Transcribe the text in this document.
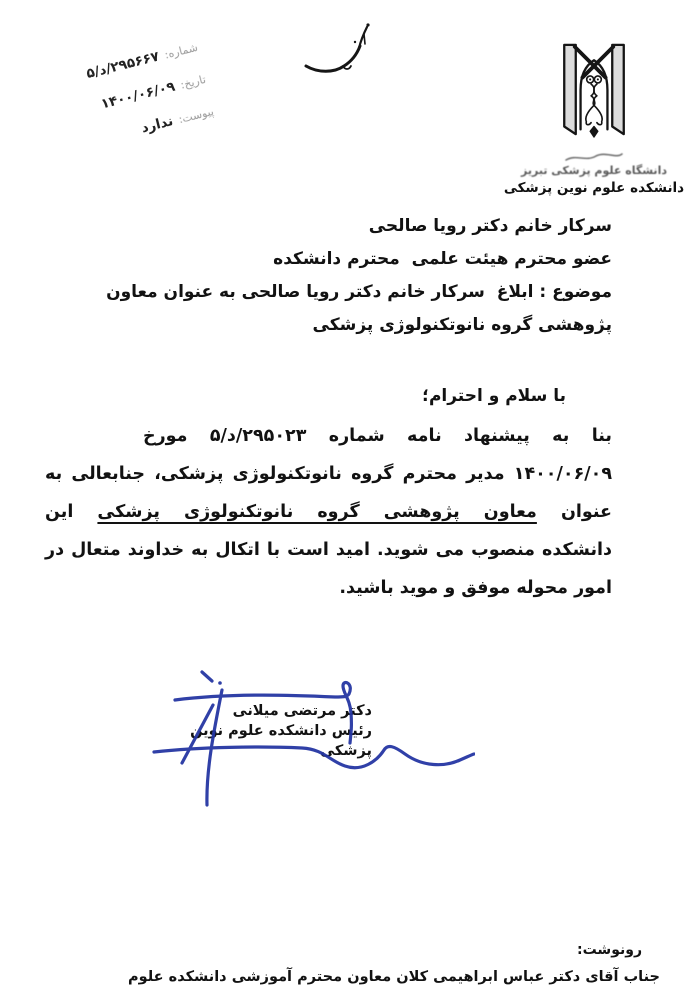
شماره:
‭۵/د/۲۹۵۶۶۷‬
تاریخ:
‭۱۴۰۰/۰۶/۰۹‬
پیوست:
ندارد
دانشگاه علوم پزشکی تبریز
دانشکده علوم نوین پزشکی
سرکار خانم دکتر رویا صالحی
عضو محترم هیئت علمی  محترم دانشکده
موضوع : ابلاغ  سرکار خانم دکتر رویا صالحی به عنوان معاون
پژوهشی گروه نانوتکنولوژی پزشکی
با سلام و احترام؛
بنا به پیشنهاد نامه شماره ‭۵/د/۲۹۵۰۲۳‬ مورخ
‭۱۴۰۰/۰۶/۰۹‬ مدیر محترم گروه نانوتکنولوژی پزشکی، جنابعالی به
عنوان معاون پژوهشی گروه نانوتکنولوژی پزشکی این
دانشکده منصوب می شوید. امید است با اتکال به خداوند متعال در
امور محوله موفق و موید باشید.
دکتر مرتضی میلانی
رئیس دانشکده علوم نوین پزشکی
رونوشت:
جناب آقای دکتر عباس ابراهیمی کلان معاون محترم آموزشی دانشکده علوم
